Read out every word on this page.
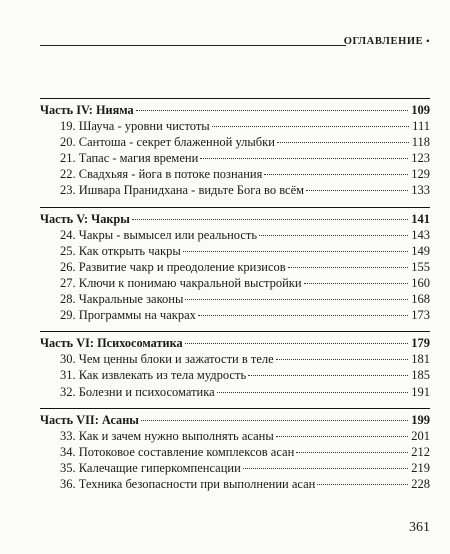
ОГЛАВЛЕНИЕ •
Часть IV: Нияма	109
19. Шауча - уровни чистоты	111
20. Сантоша - секрет блаженной улыбки	118
21. Тапас - магия времени	123
22. Свадхьяя - йога в потоке познания	129
23. Ишвара Пранидхана - видьте Бога во всём	133
Часть V: Чакры	141
24. Чакры - вымысел или реальность	143
25. Как открыть чакры	149
26. Развитие чакр и преодоление кризисов	155
27. Ключи к понимаю чакральной выстройки	160
28. Чакральные законы	168
29. Программы на чакрах	173
Часть VI: Психосоматика	179
30. Чем ценны блоки и зажатости в теле	181
31. Как извлекать из тела мудрость	185
32. Болезни и психосоматика	191
Часть VII: Асаны	199
33. Как и зачем нужно выполнять асаны	201
34. Потоковое составление комплексов асан	212
35. Калечащие гиперкомпенсации	219
36. Техника безопасности при выполнении асан	228
361
